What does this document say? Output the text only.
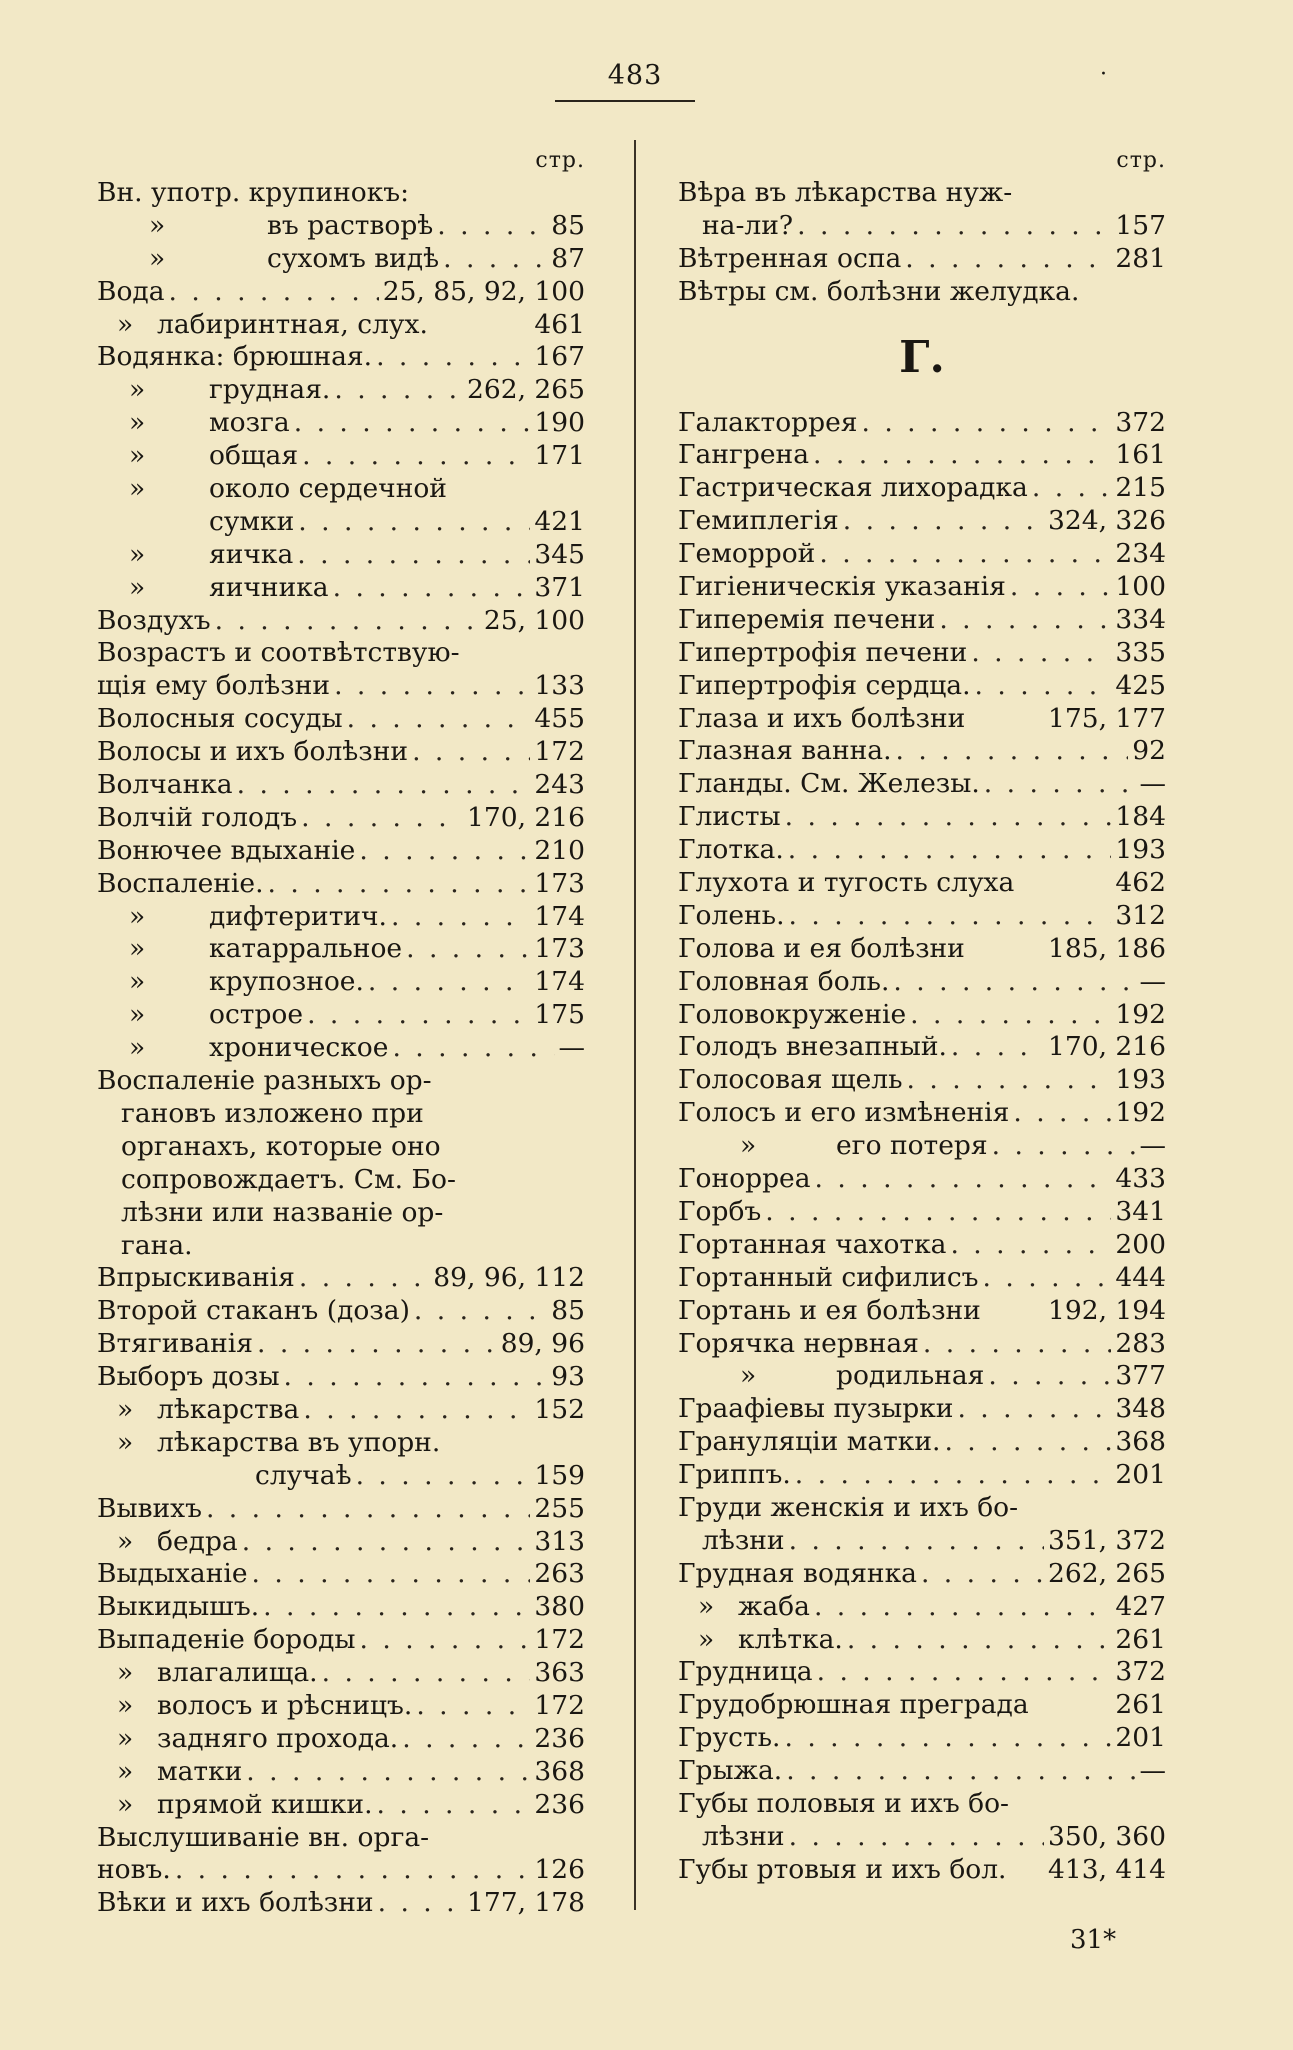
483	·
стр.
Вн. употр. крупинокъ:
»	въ растворѣ . . .	85
»	сухомъ видѣ . . .	87
Вода . . .	25, 85, 92, 100
» лабиринтная, слух.	461
Водянка: брюшная. . . .	167
»	грудная. . . .	262, 265
»	мозга . . .	190
»	общая . . .	171
»	около сердечной
сумки . . .	421
»	яичка . . .	345
»	яичника . . .	371
Воздухъ . . .	25, 100
Возрастъ и соотвѣтствую-
щія ему болѣзни . . .	133
Волосныя сосуды . . .	455
Волосы и ихъ болѣзни . . .	172
Волчанка . . .	243
Волчій голодъ . . .	170, 216
Вонючее вдыханіе . . .	210
Воспаленіе. . . .	173
»	дифтеритич. . . .	174
»	катарральное . . .	173
»	крупозное. . . .	174
»	острое . . .	175
»	хроническое . . .	—
Воспаленіе разныхъ ор-
гановъ изложено при
органахъ, которые оно
сопровождаетъ. См. Бо-
лѣзни или названіе ор-
гана.
Впрыскиванія . . .	89, 96, 112
Второй стаканъ (доза) . . .	85
Втягиванія . . .	89, 96
Выборъ дозы . . .	93
» лѣкарства . . .	152
» лѣкарства въ упорн.
случаѣ . . .	159
Вывихъ . . .	255
» бедра . . .	313
Выдыханіе . . .	263
Выкидышъ. . . .	380
Выпаденіе бороды . . .	172
» влагалища. . . .	363
» волосъ и рѣсницъ. . . .	172
» задняго прохода. . . .	236
» матки . . .	368
» прямой кишки. . . .	236
Выслушиваніе вн. орга-
новъ. . . .	126
Вѣки и ихъ болѣзни . . .	177, 178
стр.
Вѣра въ лѣкарства нуж-
на-ли? . . .	157
Вѣтренная оспа . . .	281
Вѣтры см. болѣзни желудка.
Г.
Галакторрея . . .	372
Гангрена . . .	161
Гастрическая лихорадка . . .	215
Гемиплегія . . .	324, 326
Геморрой . . .	234
Гигіеническія указанія . . .	100
Гиперемія печени . . .	334
Гипертрофія печени . . .	335
Гипертрофія сердца. . . .	425
Глаза и ихъ болѣзни	175, 177
Глазная ванна. . . .	92
Гланды. См. Железы. . . .	—
Глисты . . .	184
Глотка. . . .	193
Глухота и тугость слуха	462
Голень. . . .	312
Голова и ея болѣзни	185, 186
Головная боль. . . .	—
Головокруженіе . . .	192
Голодъ внезапный. . . .	170, 216
Голосовая щель . . .	193
Голосъ и его измѣненія . . .	192
»	его потеря . . .	—
Гонорреа . . .	433
Горбъ . . .	341
Гортанная чахотка . . .	200
Гортанный сифилисъ . . .	444
Гортань и ея болѣзни	192, 194
Горячка нервная . . .	283
»	родильная . . .	377
Граафіевы пузырки . . .	348
Грануляціи матки. . . .	368
Гриппъ. . . .	201
Груди женскія и ихъ бо-
лѣзни . . .	351, 372
Грудная водянка . . .	262, 265
» жаба . . .	427
» клѣтка. . . .	261
Грудница . . .	372
Грудобрюшная преграда	261
Грусть. . . .	201
Грыжа. . . .	—
Губы половыя и ихъ бо-
лѣзни . . .	350, 360
Губы ртовыя и ихъ бол. 413, 414
31*
